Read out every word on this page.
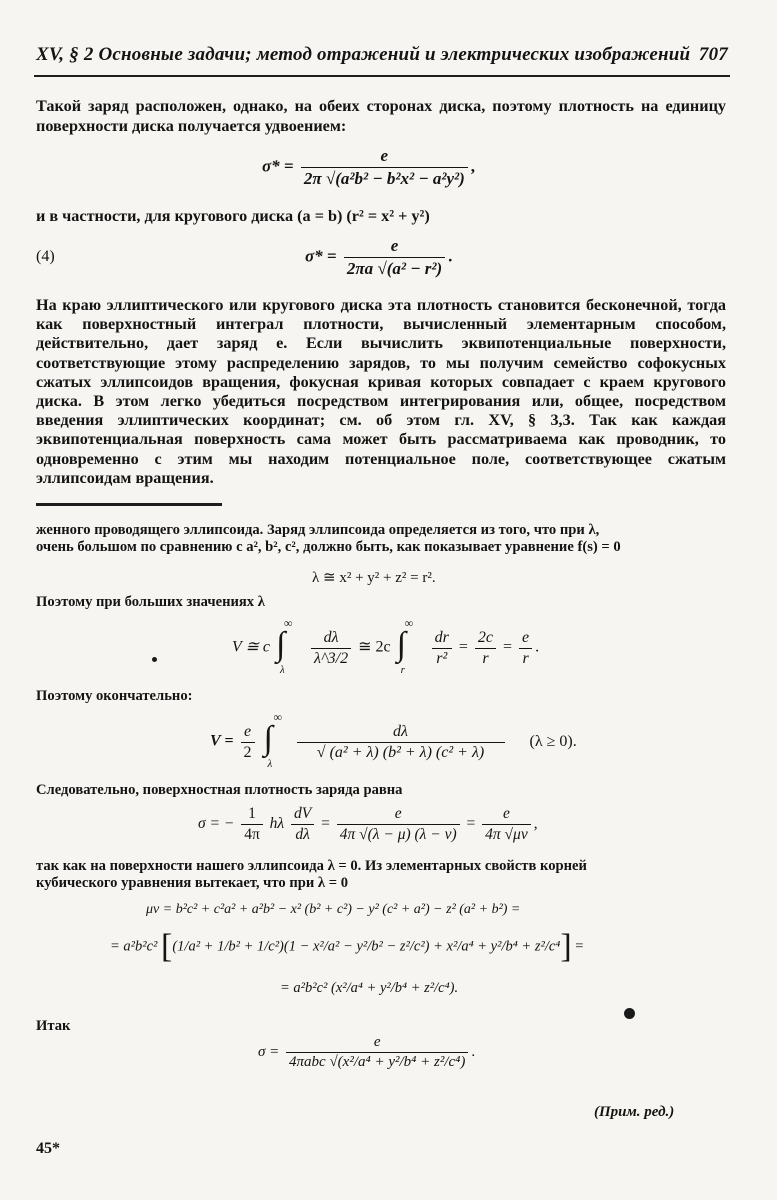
XV, § 2 Основные задачи; метод отражений и электрических изображений 707
Такой заряд расположен, однако, на обеих сторонах диска, поэтому плотность на единицу поверхности диска получается удвоением:
$\sigma* = \frac{e}{\text{2π √(a²b² − b²x² − a²y²)}}$ ,
и в частности, для кругового диска (a = b) (r² = x² + y²)
(4)	$\sigma* = \frac{e}{\text{2πa √(a² − r²)}}$ .
На краю эллиптического или кругового диска эта плотность становится бесконечной, тогда как поверхностный интеграл плотности, вычисленный элементарным способом, действительно, дает заряд e. Если вычислить эквипотенциальные поверхности, соответствующие этому распределению зарядов, то мы получим семейство софокусных сжатых эллипсоидов вращения, фокусная кривая которых совпадает с краем кругового диска. В этом легко убедиться посредством интегрирования или, общее, посредством введения эллиптических координат; см. об этом гл. XV, § 3,3. Так как каждая эквипотенциальная поверхность сама может быть рассматриваема как проводник, то одновременно с этим мы находим потенциальное поле, соответствующее сжатым эллипсоидам вращения.
женного проводящего эллипсоида. Заряд эллипсоида определяется из того, что при λ,
очень большом по сравнению с a², b², c², должно быть, как показывает уравнение f(s) = 0
λ ≅ x² + y² + z² = r².
Поэтому при больших значениях λ
V ≅ c
∞
∫
λ

$\frac{d\lambda}{\lambda\^{}3/2}$ ≅ 2c
∞
∫
r

$\frac{dr}{\text{r²}} = \frac{2c}{r} = \frac{e}{r}$ .
Поэтому окончательно:
$V = \frac{e}{2}$

∞
∫
λ

$\frac{d\lambda}{\text{√ (a² + λ) (b² + λ) (c² + λ)}} (\lambda \ge 0)$.
Следовательно, поверхностная плотность заряда равна
σ = − $\frac{1}{4\pi}$ hλ $\frac{dV}{d\lambda} = \frac{e}{4\pi √(\lambda - \mu) (\lambda - \nu)} = \frac{e}{4\pi √\mu\nu}$ ,
так как на поверхности нашего эллипсоида λ = 0. Из элементарных свойств корней
кубического уравнения вытекает, что при λ = 0
μν = b²c² + c²a² + a²b² − x² (b² + c²) − y² (c² + a²) − z² (a² + b²) =
= a²b²c² [(1/a² + 1/b² + 1/c²)(1 − x²/a² − y²/b² − z²/c²) + x²/a⁴ + y²/b⁴ + z²/c⁴] =
= a²b²c² (x²/a⁴ + y²/b⁴ + z²/c⁴).
Итак
$\sigma = \frac{e}{\text{4πabc √(x²/a⁴ + y²/b⁴ + z²/c⁴)}}$ .
(Прим. ред.)
45*
